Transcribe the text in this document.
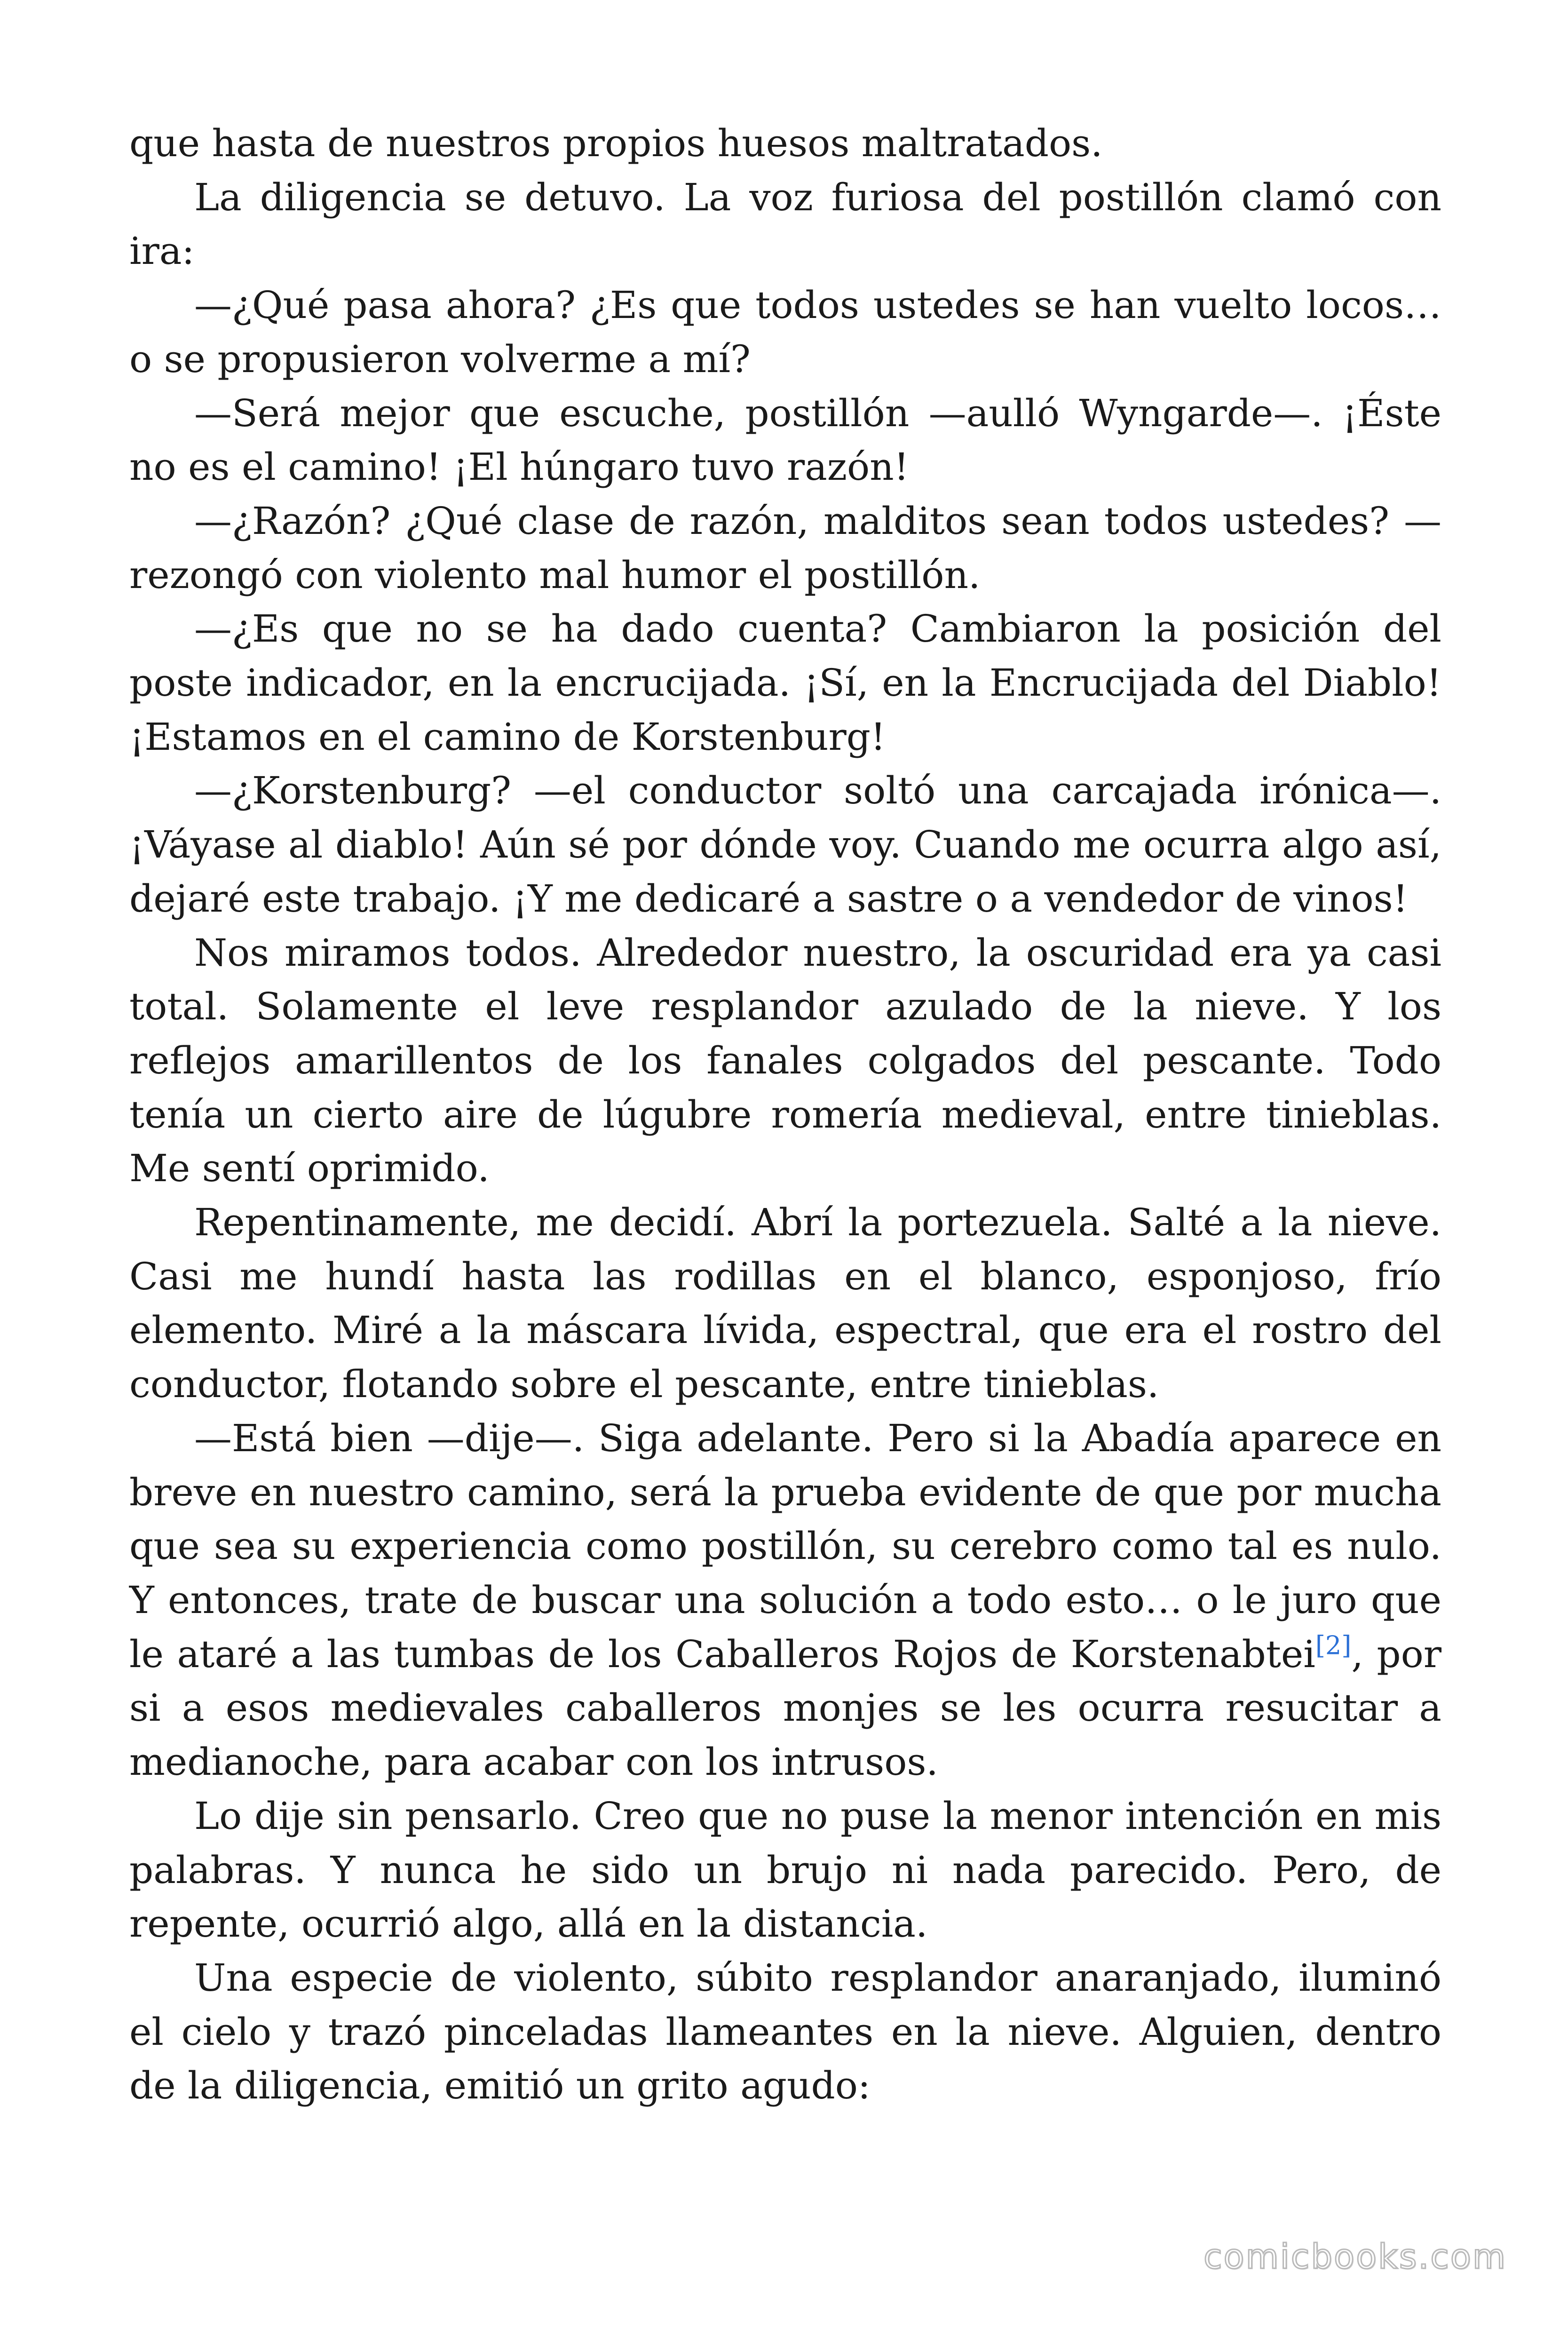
que hasta de nuestros propios huesos maltratados.

La diligencia se detuvo. La voz furiosa del postillón clamó con ira:

—¿Qué pasa ahora? ¿Es que todos ustedes se han vuelto locos… o se propusieron volverme a mí?

—Será mejor que escuche, postillón —aulló Wyngarde—. ¡Éste no es el camino! ¡El húngaro tuvo razón!

—¿Razón? ¿Qué clase de razón, malditos sean todos ustedes? —rezongó con violento mal humor el postillón.

—¿Es que no se ha dado cuenta? Cambiaron la posición del poste indicador, en la encrucijada. ¡Sí, en la Encrucijada del Diablo! ¡Estamos en el camino de Korstenburg!

—¿Korstenburg? —el conductor soltó una carcajada irónica—. ¡Váyase al diablo! Aún sé por dónde voy. Cuando me ocurra algo así, dejaré este trabajo. ¡Y me dedicaré a sastre o a vendedor de vinos!

Nos miramos todos. Alrededor nuestro, la oscuridad era ya casi total. Solamente el leve resplandor azulado de la nieve. Y los reflejos amarillentos de los fanales colgados del pescante. Todo tenía un cierto aire de lúgubre romería medieval, entre tinieblas. Me sentí oprimido.

Repentinamente, me decidí. Abrí la portezuela. Salté a la nieve. Casi me hundí hasta las rodillas en el blanco, esponjoso, frío elemento. Miré a la máscara lívida, espectral, que era el rostro del conductor, flotando sobre el pescante, entre tinieblas.

—Está bien —dije—. Siga adelante. Pero si la Abadía aparece en breve en nuestro camino, será la prueba evidente de que por mucha que sea su experiencia como postillón, su cerebro como tal es nulo. Y entonces, trate de buscar una solución a todo esto… o le juro que le ataré a las tumbas de los Caballeros Rojos de Korstenabtei[2], por si a esos medievales caballeros monjes se les ocurra resucitar a medianoche, para acabar con los intrusos.

Lo dije sin pensarlo. Creo que no puse la menor intención en mis palabras. Y nunca he sido un brujo ni nada parecido. Pero, de repente, ocurrió algo, allá en la distancia.

Una especie de violento, súbito resplandor anaranjado, iluminó el cielo y trazó pinceladas llameantes en la nieve. Alguien, dentro de la diligencia, emitió un grito agudo:

comicbooks.com
